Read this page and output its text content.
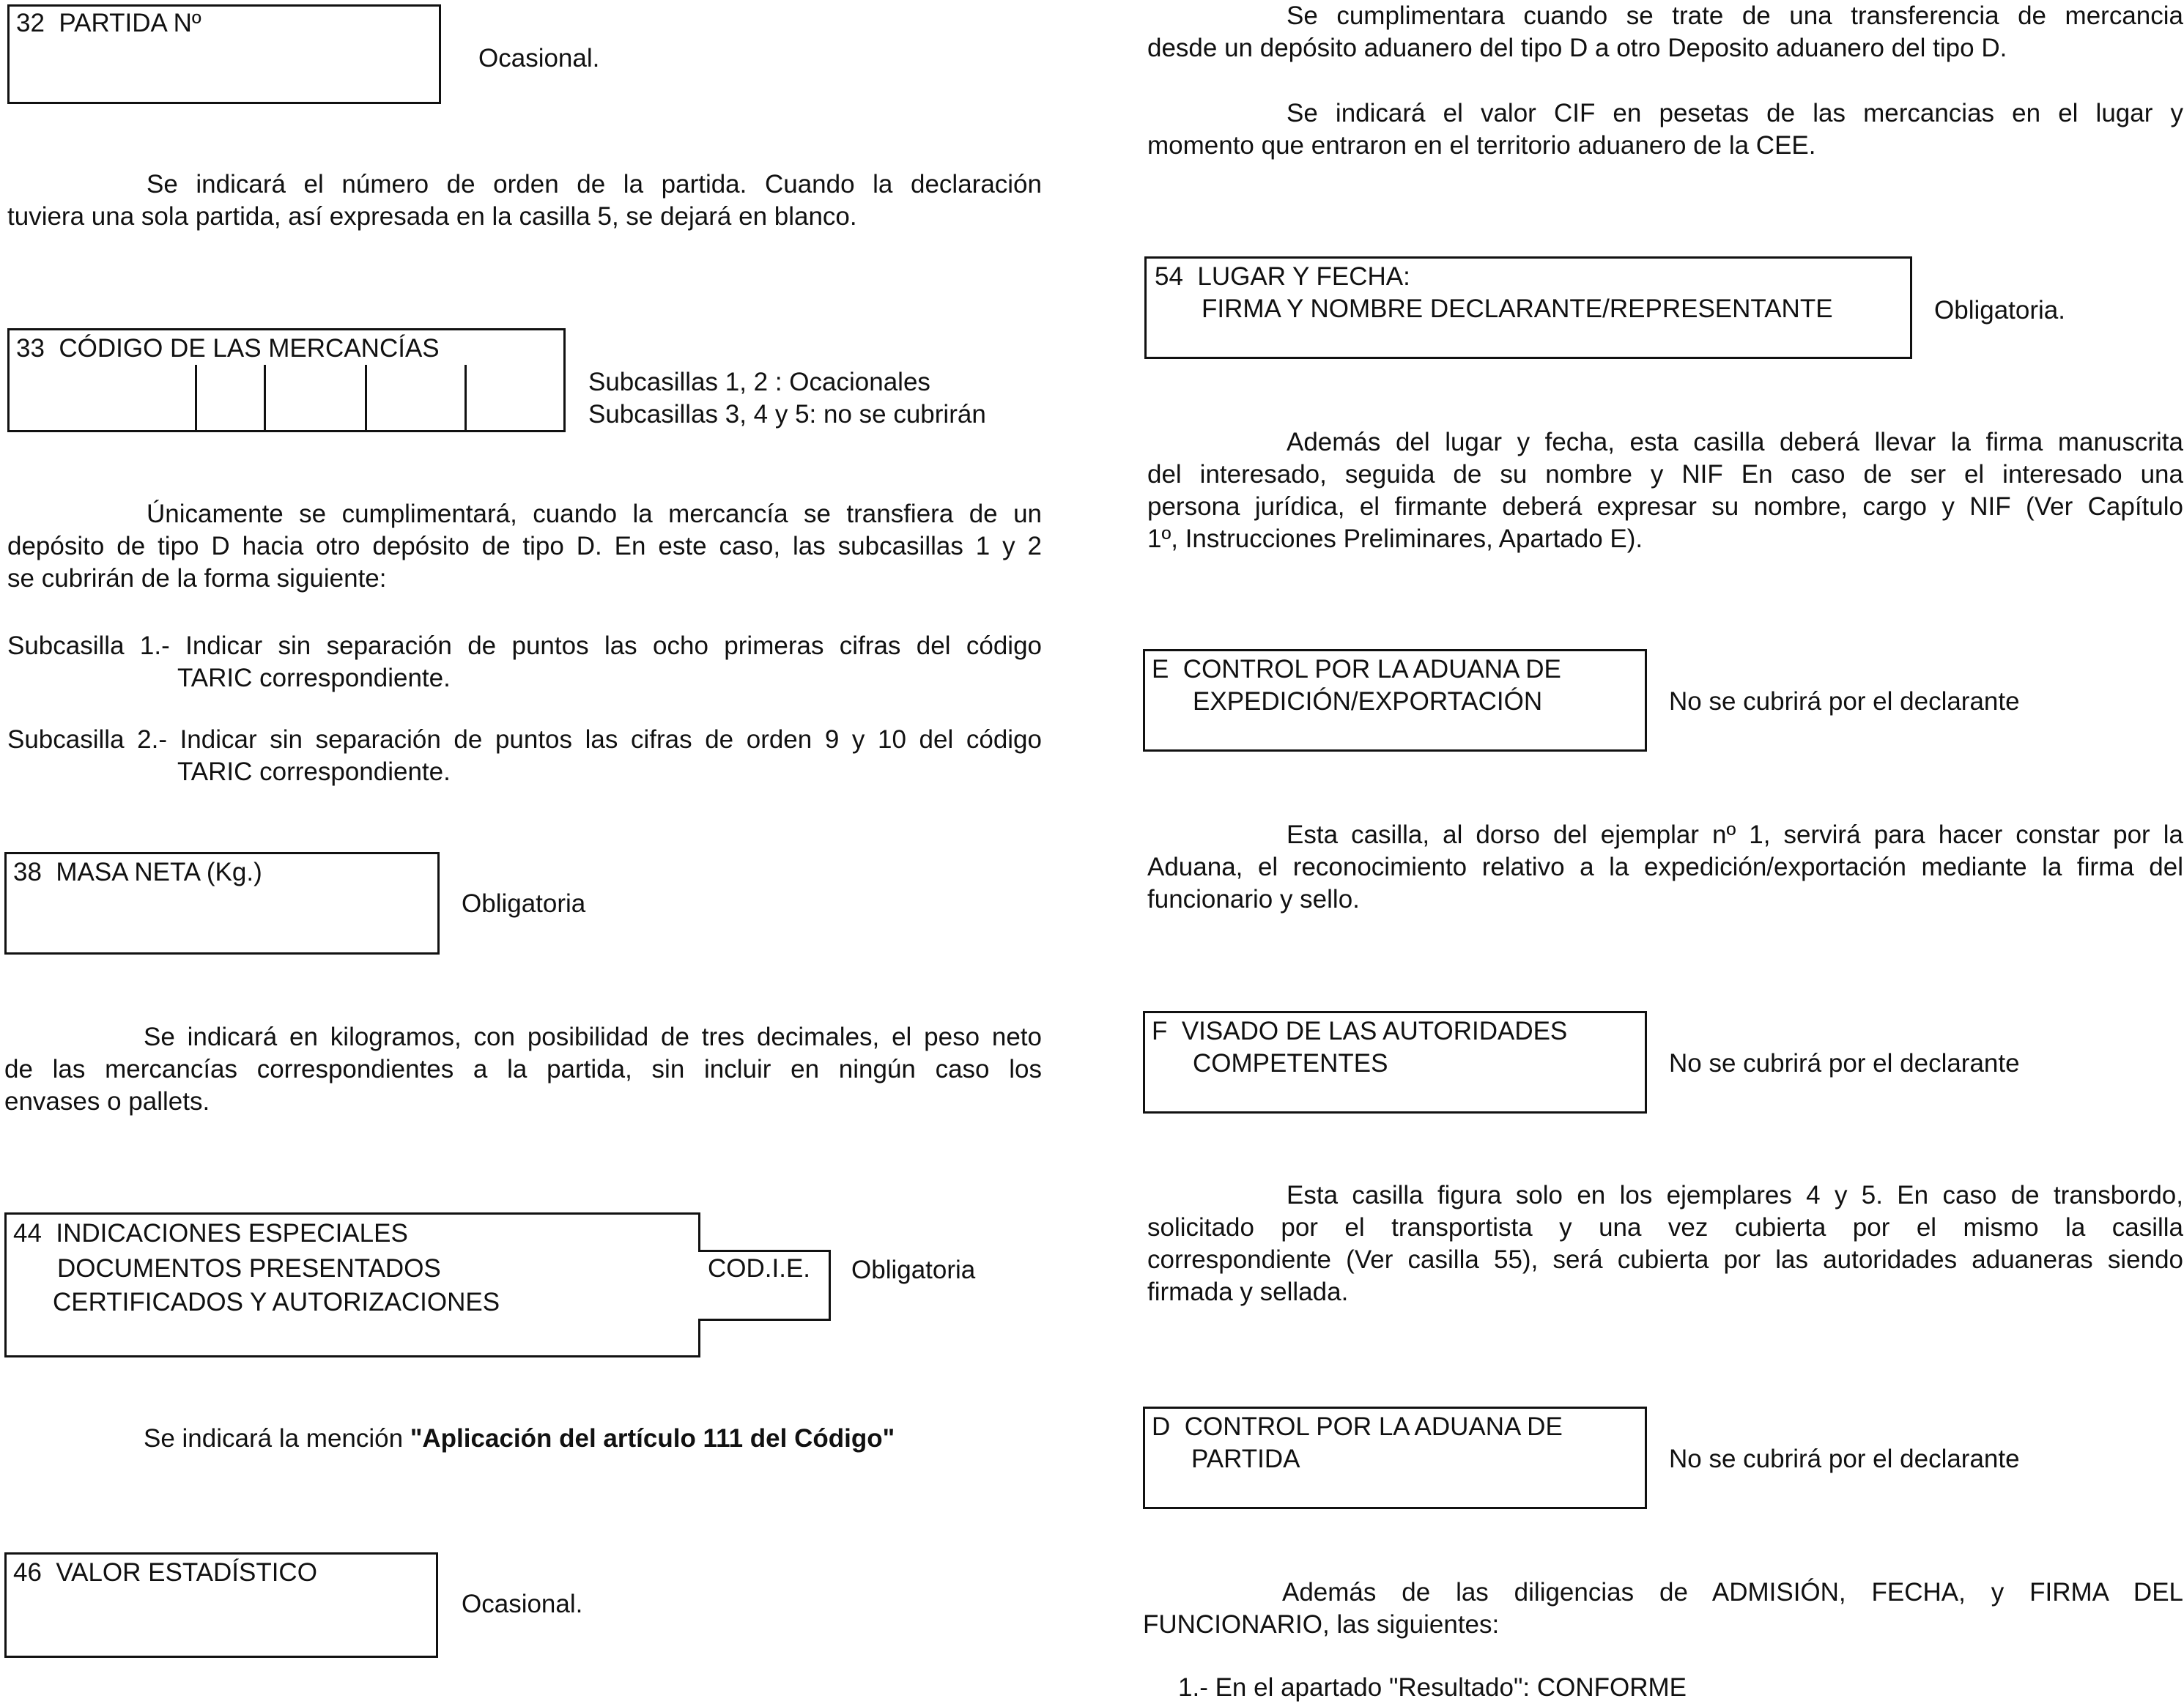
32  PARTIDA Nº
Ocasional.
Se indicará el número de orden de la partida. Cuando la declaración
tuviera una sola partida, así expresada en la casilla 5, se dejará en blanco.
33  CÓDIGO DE LAS MERCANCÍAS
Subcasillas 1, 2 : Ocacionales
Subcasillas 3, 4 y 5: no se cubrirán
Únicamente se cumplimentará, cuando la mercancía se transfiera de un
depósito de tipo D hacia otro depósito de tipo D. En este caso, las subcasillas 1 y 2
se cubrirán de la forma siguiente:
Subcasilla 1.- Indicar sin separación de puntos las ocho primeras cifras del código
TARIC correspondiente.
Subcasilla 2.- Indicar sin separación de puntos las cifras de orden 9 y 10 del código
TARIC correspondiente.
38  MASA NETA (Kg.)
Obligatoria
Se indicará en kilogramos, con posibilidad de tres decimales, el peso neto
de las mercancías correspondientes a la partida, sin incluir en ningún caso los
envases o pallets.
44  INDICACIONES ESPECIALES
DOCUMENTOS PRESENTADOS
CERTIFICADOS Y AUTORIZACIONES
COD.I.E. Obligatoria
Se indicará la mención "Aplicación del artículo 111 del Código"
46  VALOR ESTADÍSTICO
Ocasional.
Se cumplimentara cuando se trate de una transferencia de mercancia
desde un depósito aduanero del tipo D a otro Deposito aduanero del tipo D.
Se indicará el valor CIF en pesetas de las mercancias en el lugar y
momento que entraron en el territorio aduanero de la CEE.
54  LUGAR Y FECHA:
FIRMA Y NOMBRE DECLARANTE/REPRESENTANTE	Obligatoria.
Además del lugar y fecha, esta casilla deberá llevar la firma manuscrita
del interesado, seguida de su nombre y NIF En caso de ser el interesado una
persona jurídica, el firmante deberá expresar su nombre, cargo y NIF (Ver Capítulo
1º, Instrucciones Preliminares, Apartado E).
E  CONTROL POR LA ADUANA DE
EXPEDICIÓN/EXPORTACIÓN	No se cubrirá por el declarante
Esta casilla, al dorso del ejemplar nº 1, servirá para hacer constar por la
Aduana, el reconocimiento relativo a la expedición/exportación mediante la firma del
funcionario y sello.
F  VISADO DE LAS AUTORIDADES
COMPETENTES	No se cubrirá por el declarante
Esta casilla figura solo en los ejemplares 4 y 5. En caso de transbordo,
solicitado por el transportista y una vez cubierta por el mismo la casilla
correspondiente (Ver casilla 55), será cubierta por las autoridades aduaneras siendo
firmada y sellada.
D  CONTROL POR LA ADUANA DE
PARTIDA	No se cubrirá por el declarante
Además de las diligencias de ADMISIÓN, FECHA, y FIRMA DEL
FUNCIONARIO, las siguientes:
1.- En el apartado "Resultado": CONFORME
